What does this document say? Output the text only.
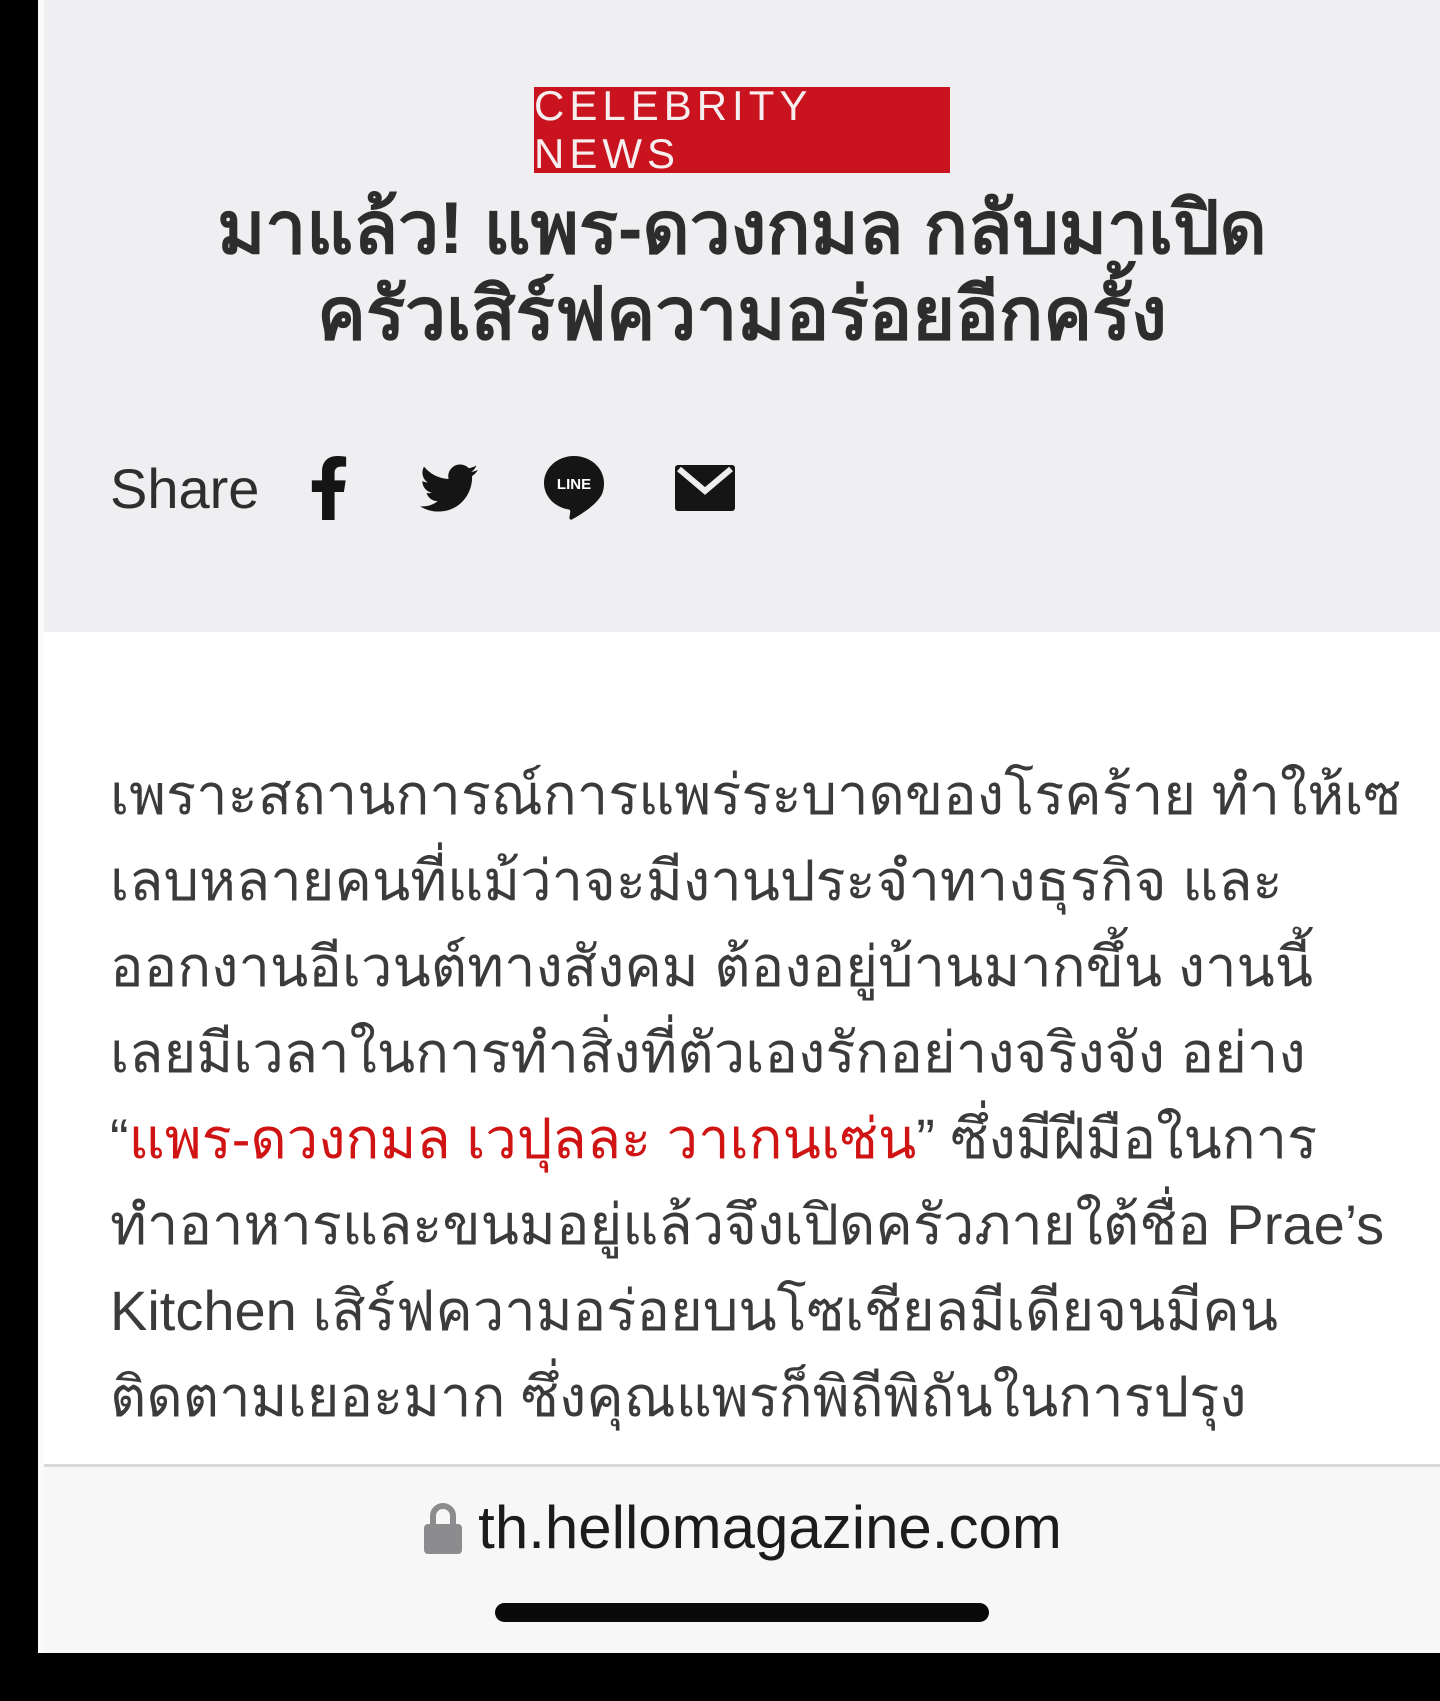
CELEBRITY NEWS
มาแล้ว! แพร-ดวงกมล กลับมาเปิด
ครัวเสิร์ฟความอร่อยอีกครั้ง
Share	LINE
เพราะสถานการณ์การแพร่ระบาดของโรคร้าย ทำให้เซ
เลบหลายคนที่แม้ว่าจะมีงานประจำทางธุรกิจ และ
ออกงานอีเวนต์ทางสังคม ต้องอยู่บ้านมากขึ้น งานนี้
เลยมีเวลาในการทำสิ่งที่ตัวเองรักอย่างจริงจัง อย่าง
“แพร-ดวงกมล เวปุลละ วาเกนเซ่น” ซึ่งมีฝีมือในการ
ทำอาหารและขนมอยู่แล้วจึงเปิดครัวภายใต้ชื่อ Prae’s
Kitchen เสิร์ฟความอร่อยบนโซเชียลมีเดียจนมีคน
ติดตามเยอะมาก ซึ่งคุณแพรก็พิถีพิถันในการปรุง
th.hellomagazine.com
